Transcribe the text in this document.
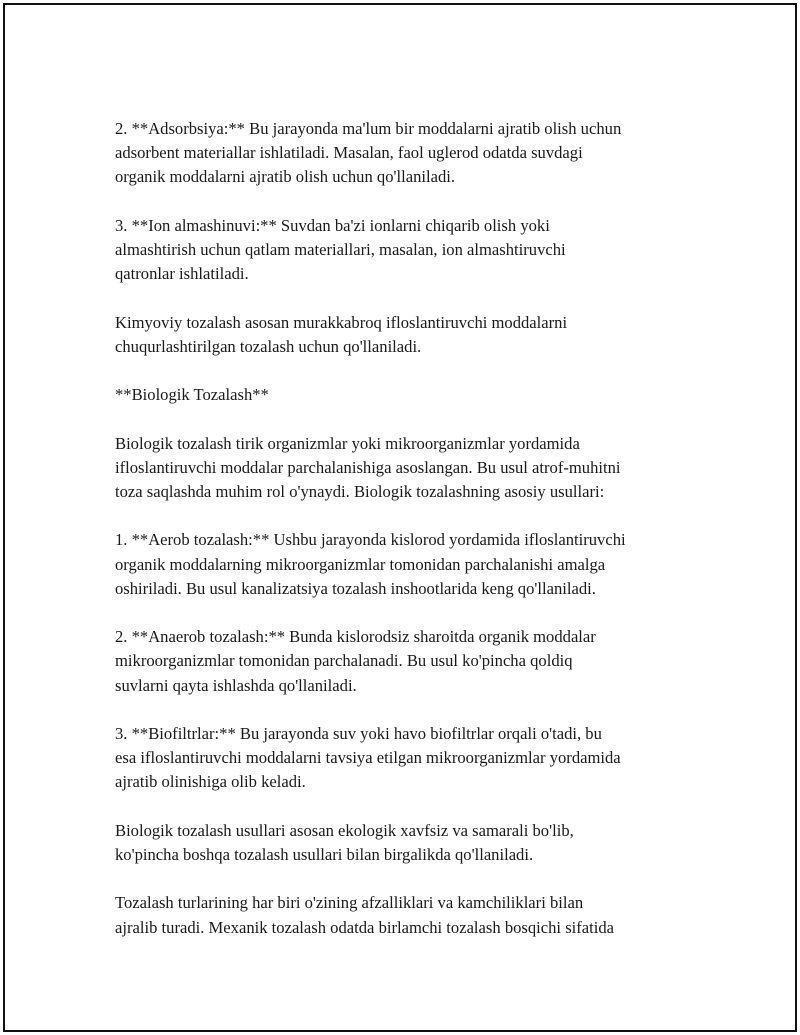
2. **Adsorbsiya:** Bu jarayonda ma'lum bir moddalarni ajratib olish uchun
adsorbent materiallar ishlatiladi. Masalan, faol uglerod odatda suvdagi
organik moddalarni ajratib olish uchun qo'llaniladi.

3. **Ion almashinuvi:** Suvdan ba'zi ionlarni chiqarib olish yoki
almashtirish uchun qatlam materiallari, masalan, ion almashtiruvchi
qatronlar ishlatiladi.

Kimyoviy tozalash asosan murakkabroq ifloslantiruvchi moddalarni
chuqurlashtirilgan tozalash uchun qo'llaniladi.

**Biologik Tozalash**

Biologik tozalash tirik organizmlar yoki mikroorganizmlar yordamida
ifloslantiruvchi moddalar parchalanishiga asoslangan. Bu usul atrof-muhitni
toza saqlashda muhim rol o'ynaydi. Biologik tozalashning asosiy usullari:

1. **Aerob tozalash:** Ushbu jarayonda kislorod yordamida ifloslantiruvchi
organik moddalarning mikroorganizmlar tomonidan parchalanishi amalga
oshiriladi. Bu usul kanalizatsiya tozalash inshootlarida keng qo'llaniladi.

2. **Anaerob tozalash:** Bunda kislorodsiz sharoitda organik moddalar
mikroorganizmlar tomonidan parchalanadi. Bu usul ko'pincha qoldiq
suvlarni qayta ishlashda qo'llaniladi.

3. **Biofiltrlar:** Bu jarayonda suv yoki havo biofiltrlar orqali o'tadi, bu
esa ifloslantiruvchi moddalarni tavsiya etilgan mikroorganizmlar yordamida
ajratib olinishiga olib keladi.

Biologik tozalash usullari asosan ekologik xavfsiz va samarali bo'lib,
ko'pincha boshqa tozalash usullari bilan birgalikda qo'llaniladi.

Tozalash turlarining har biri o'zining afzalliklari va kamchiliklari bilan
ajralib turadi. Mexanik tozalash odatda birlamchi tozalash bosqichi sifatida
